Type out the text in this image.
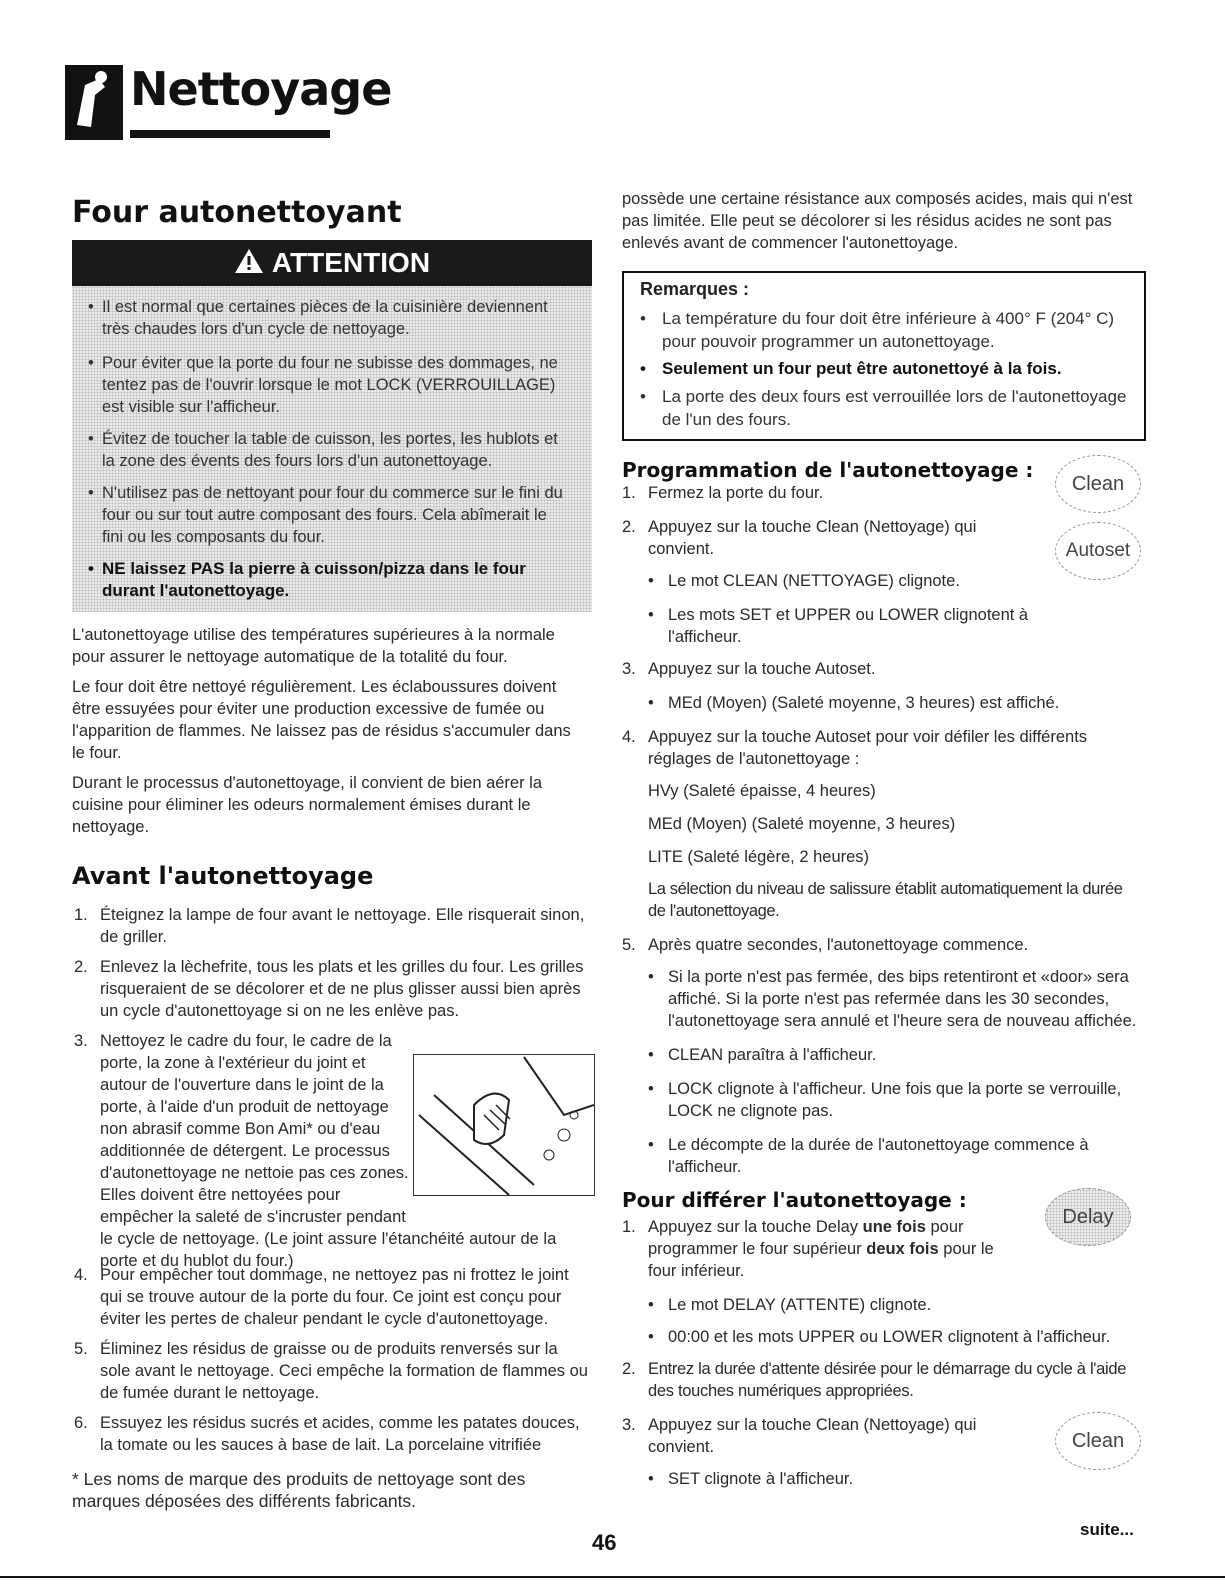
Nettoyage
Four autonettoyant
ATTENTION
• Il est normal que certaines pièces de la cuisinière deviennent très chaudes lors d'un cycle de nettoyage.
• Pour éviter que la porte du four ne subisse des dommages, ne tentez pas de l'ouvrir lorsque le mot LOCK (VERROUILLAGE) est visible sur l'afficheur.
• Évitez de toucher la table de cuisson, les portes, les hublots et la zone des évents des fours lors d'un autonettoyage.
• N'utilisez pas de nettoyant pour four du commerce sur le fini du four ou sur tout autre composant des fours. Cela abîmerait le fini ou les composants du four.
• NE laissez PAS la pierre à cuisson/pizza dans le four durant l'autonettoyage.
L'autonettoyage utilise des températures supérieures à la normale pour assurer le nettoyage automatique de la totalité du four.
Le four doit être nettoyé régulièrement. Les éclaboussures doivent être essuyées pour éviter une production excessive de fumée ou l'apparition de flammes. Ne laissez pas de résidus s'accumuler dans le four.
Durant le processus d'autonettoyage, il convient de bien aérer la cuisine pour éliminer les odeurs normalement émises durant le nettoyage.
Avant l'autonettoyage
1. Éteignez la lampe de four avant le nettoyage. Elle risquerait sinon, de griller.
2. Enlevez la lèchefrite, tous les plats et les grilles du four. Les grilles risqueraient de se décolorer et de ne plus glisser aussi bien après un cycle d'autonettoyage si on ne les enlève pas.
3. Nettoyez le cadre du four, le cadre de la porte, la zone à l'extérieur du joint et autour de l'ouverture dans le joint de la porte, à l'aide d'un produit de nettoyage non abrasif comme Bon Ami* ou d'eau additionnée de détergent. Le processus d'autonettoyage ne nettoie pas ces zones. Elles doivent être nettoyées pour empêcher la saleté de s'incruster pendant le cycle de nettoyage. (Le joint assure l'étanchéité autour de la porte et du hublot du four.)
4. Pour empêcher tout dommage, ne nettoyez pas ni frottez le joint qui se trouve autour de la porte du four. Ce joint est conçu pour éviter les pertes de chaleur pendant le cycle d'autonettoyage.
5. Éliminez les résidus de graisse ou de produits renversés sur la sole avant le nettoyage. Ceci empêche la formation de flammes ou de fumée durant le nettoyage.
6. Essuyez les résidus sucrés et acides, comme les patates douces, la tomate ou les sauces à base de lait. La porcelaine vitrifiée
* Les noms de marque des produits de nettoyage sont des marques déposées des différents fabricants.
possède une certaine résistance aux composés acides, mais qui n'est pas limitée. Elle peut se décolorer si les résidus acides ne sont pas enlevés avant de commencer l'autonettoyage.
Remarques :
• La température du four doit être inférieure à 400° F (204° C) pour pouvoir programmer un autonettoyage.
• Seulement un four peut être autonettoyé à la fois.
• La porte des deux fours est verrouillée lors de l'autonettoyage de l'un des fours.
Programmation de l'autonettoyage :
Clean
Autoset
1. Fermez la porte du four.
2. Appuyez sur la touche Clean (Nettoyage) qui convient.
• Le mot CLEAN (NETTOYAGE) clignote.
• Les mots SET et UPPER ou LOWER clignotent à l'afficheur.
3. Appuyez sur la touche Autoset.
• MEd (Moyen) (Saleté moyenne, 3 heures) est affiché.
4. Appuyez sur la touche Autoset pour voir défiler les différents réglages de l'autonettoyage :
HVy (Saleté épaisse, 4 heures)
MEd (Moyen) (Saleté moyenne, 3 heures)
LITE (Saleté légère, 2 heures)
La sélection du niveau de salissure établit automatiquement la durée de l'autonettoyage.
5. Après quatre secondes, l'autonettoyage commence.
• Si la porte n'est pas fermée, des bips retentiront et «door» sera affiché. Si la porte n'est pas refermée dans les 30 secondes, l'autonettoyage sera annulé et l'heure sera de nouveau affichée.
• CLEAN paraîtra à l'afficheur.
• LOCK clignote à l'afficheur. Une fois que la porte se verrouille, LOCK ne clignote pas.
• Le décompte de la durée de l'autonettoyage commence à l'afficheur.
Pour différer l'autonettoyage :
Delay
1. Appuyez sur la touche Delay une fois pour programmer le four supérieur deux fois pour le four inférieur.
• Le mot DELAY (ATTENTE) clignote.
• 00:00 et les mots UPPER ou LOWER clignotent à l'afficheur.
2. Entrez la durée d'attente désirée pour le démarrage du cycle à l'aide des touches numériques appropriées.
3. Appuyez sur la touche Clean (Nettoyage) qui convient.	Clean
• SET clignote à l'afficheur.
suite...
46
